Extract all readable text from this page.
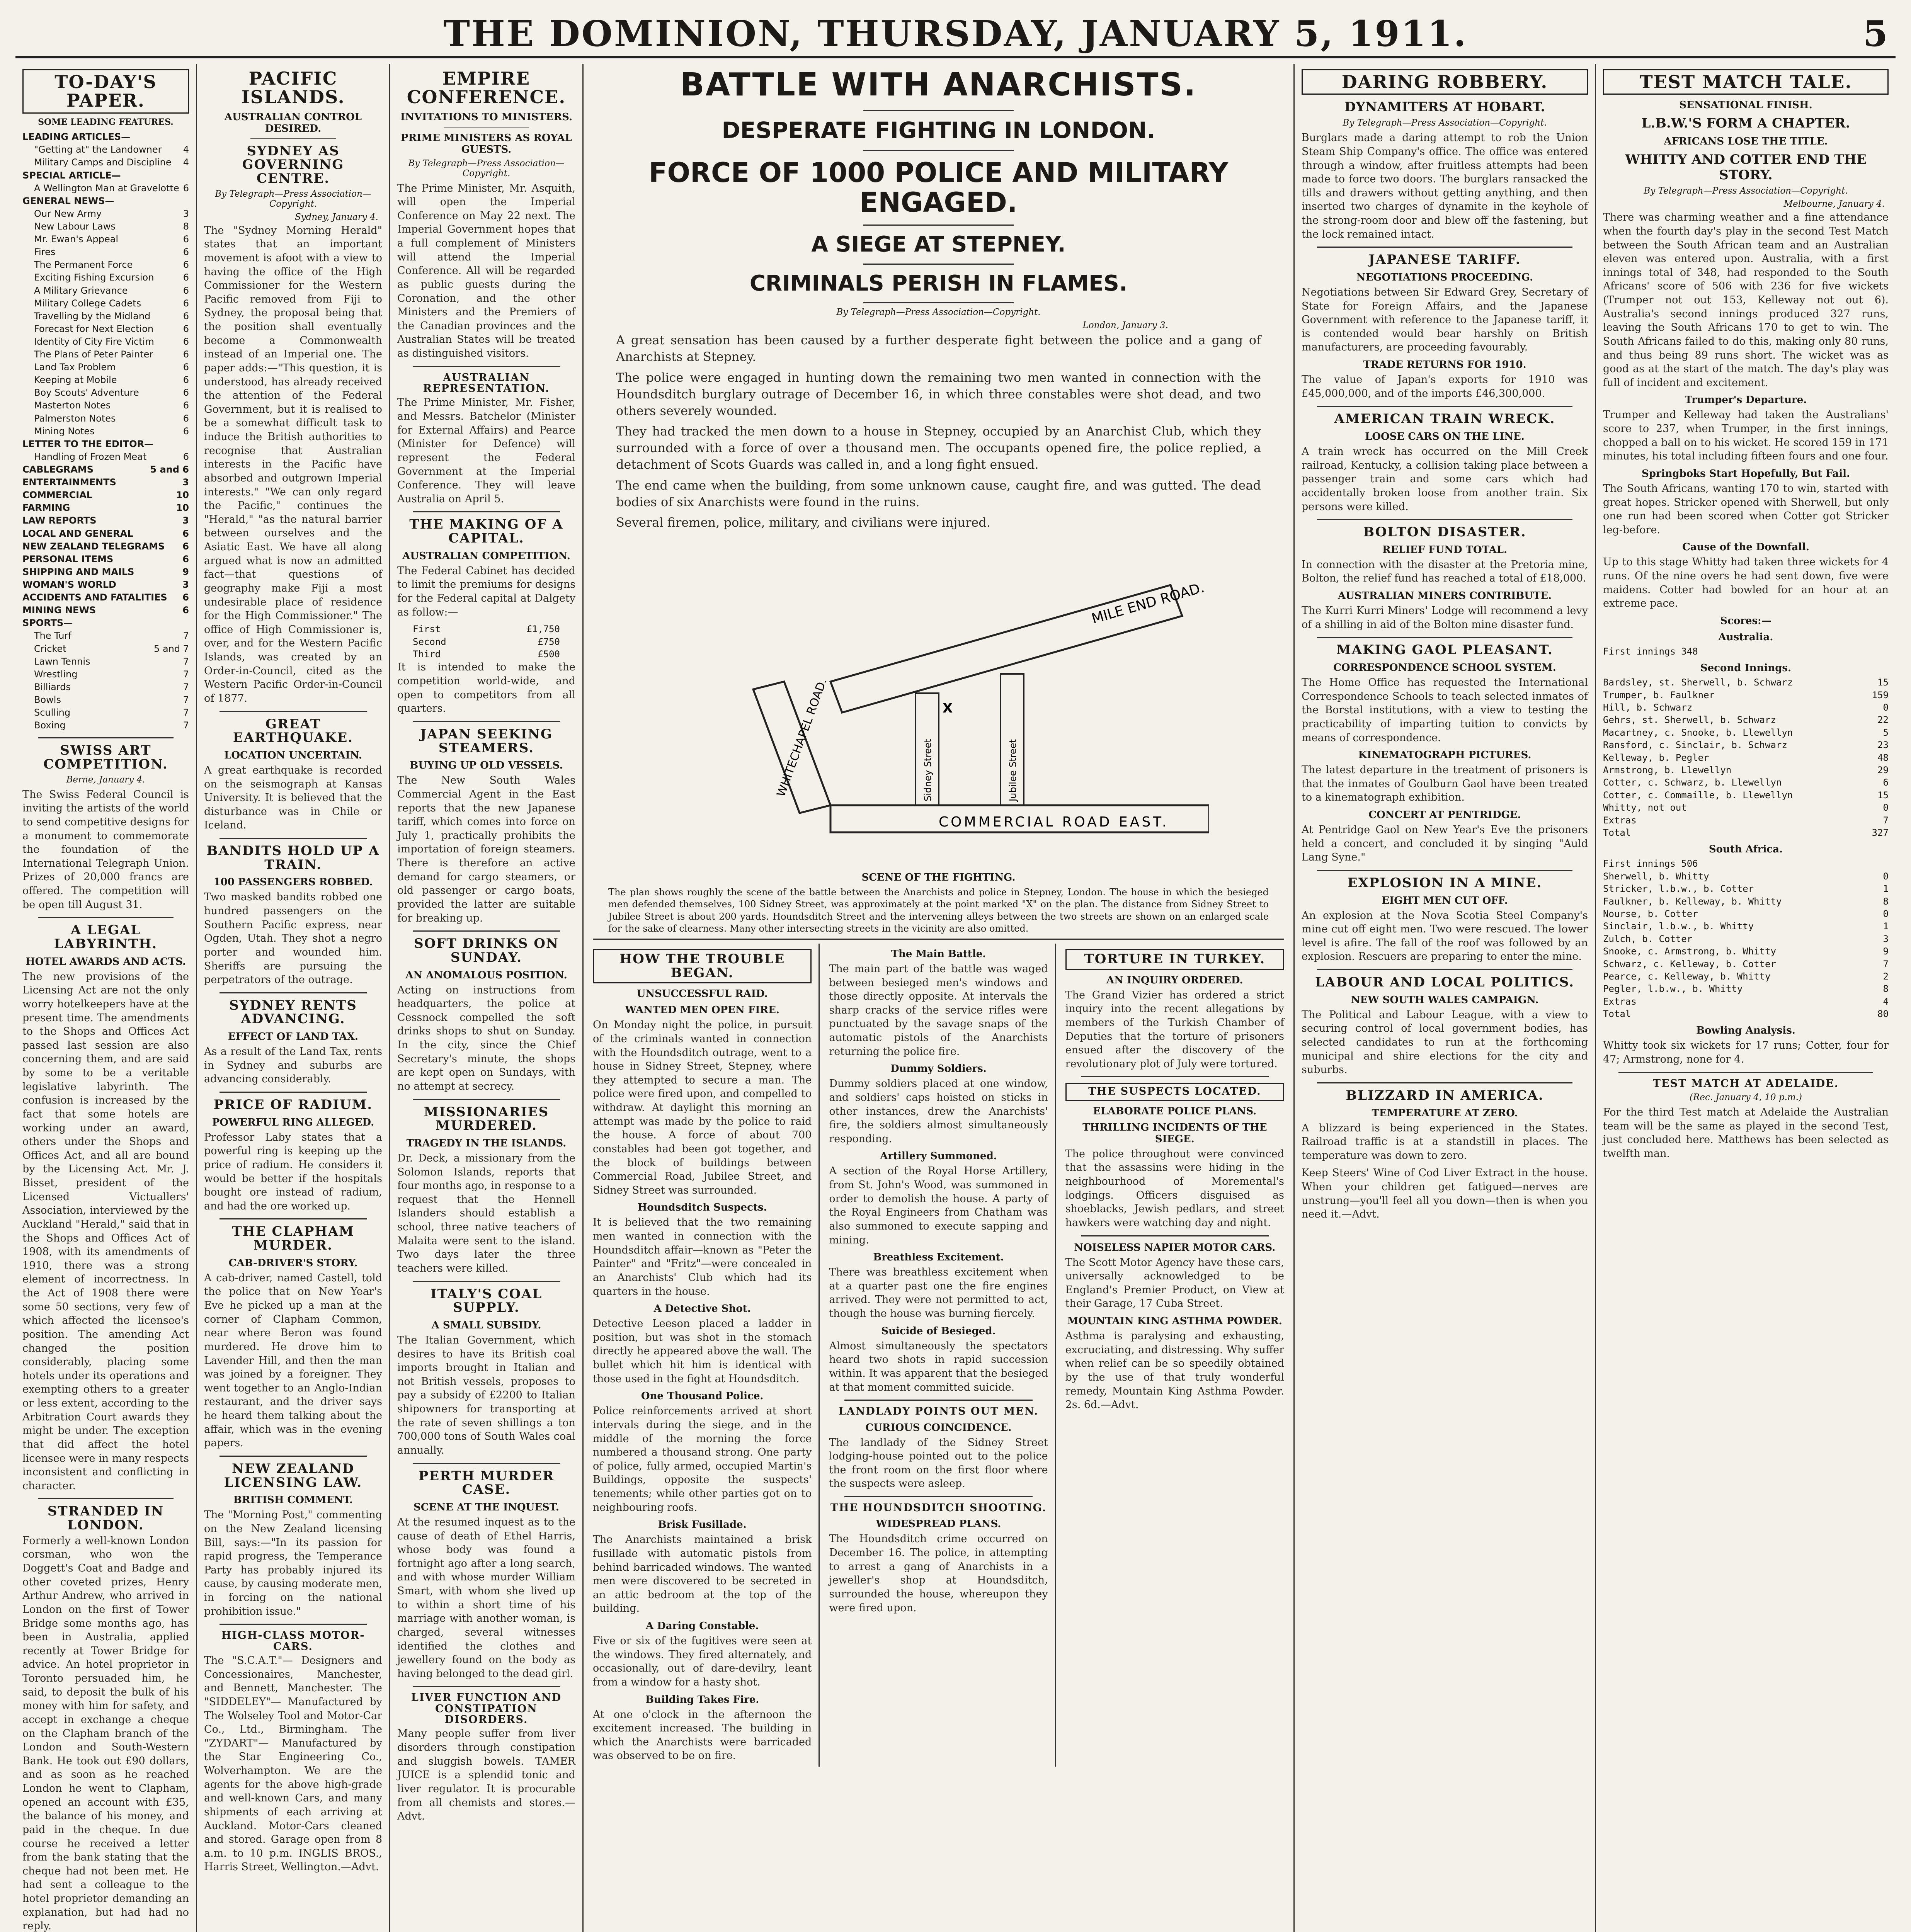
THE DOMINION, THURSDAY, JANUARY 5, 1911.	5
TO-DAY'S PAPER.
SOME LEADING FEATURES.
LEADING ARTICLES—
"Getting at" the Landowner 4
Military Camps and Discipline 4
SPECIAL ARTICLE—
A Wellington Man at Gravelotte 6
GENERAL NEWS—
Our New Army	3
New Labour Laws	8
Mr. Ewan's Appeal	6
Fires	6
The Permanent Force	6
Exciting Fishing Excursion	6
A Military Grievance	6
Military College Cadets	6
Travelling by the Midland	6
Forecast for Next Election	6
Identity of City Fire Victim	6
The Plans of Peter Painter	6
Land Tax Problem	6
Keeping at Mobile	6
Boy Scouts' Adventure	6
Masterton Notes	6
Palmerston Notes	6
Mining Notes	6
LETTER TO THE EDITOR—
Handling of Frozen Meat	6
CABLEGRAMS	5 and 6
ENTERTAINMENTS	3
COMMERCIAL	10
FARMING	10
LAW REPORTS	3
LOCAL AND GENERAL	6
NEW ZEALAND TELEGRAMS 6
PERSONAL ITEMS	6
SHIPPING AND MAILS	9
WOMAN'S WORLD	3
ACCIDENTS AND FATALITIES 6
MINING NEWS	6
SPORTS—
The Turf	7
Cricket	5 and 7
Lawn Tennis	7
Wrestling	7
Billiards	7
Bowls	7
Sculling	7
Boxing	7
SWISS ART COMPETITION.
Berne, January 4.
The Swiss Federal Council is inviting the artists of the world to send competitive designs for a monument to commemorate the foundation of the International Telegraph Union. Prizes of 20,000 francs are offered. The competition will be open till August 31.
A LEGAL LABYRINTH.
HOTEL AWARDS AND ACTS.
The new provisions of the Licensing Act are not the only worry hotelkeepers have at the present time. The amendments to the Shops and Offices Act passed last session are also concerning them, and are said by some to be a veritable legislative labyrinth. The confusion is increased by the fact that some hotels are working under an award, others under the Shops and Offices Act, and all are bound by the Licensing Act. Mr. J. Bisset, president of the Licensed Victuallers' Association, interviewed by the Auckland "Herald," said that in the Shops and Offices Act of 1908, with its amendments of 1910, there was a strong element of incorrectness. In the Act of 1908 there were some 50 sections, very few of which affected the licensee's position. The amending Act changed the position considerably, placing some hotels under its operations and exempting others to a greater or less extent, according to the Arbitration Court awards they might be under. The exception that did affect the hotel licensee were in many respects inconsistent and conflicting in character.
STRANDED IN LONDON.
Formerly a well-known London corsman, who won the Doggett's Coat and Badge and other coveted prizes, Henry Arthur Andrew, who arrived in London on the first of Tower Bridge some months ago, has been in Australia, applied recently at Tower Bridge for advice. An hotel proprietor in Toronto persuaded him, he said, to deposit the bulk of his money with him for safety, and accept in exchange a cheque on the Clapham branch of the London and South-Western Bank. He took out £90 dollars, and as soon as he reached London he went to Clapham, opened an account with £35, the balance of his money, and paid in the cheque. In due course he received a letter from the bank stating that the cheque had not been met. He had sent a colleague to the hotel proprietor demanding an explanation, but had had no reply.
PACIFIC ISLANDS.
AUSTRALIAN CONTROL DESIRED.
SYDNEY AS GOVERNING CENTRE.
By Telegraph—Press Association—Copyright.
Sydney, January 4.
The "Sydney Morning Herald" states that an important movement is afoot with a view to having the office of the High Commissioner for the Western Pacific removed from Fiji to Sydney, the proposal being that the position shall eventually become a Commonwealth instead of an Imperial one. The paper adds:—"This question, it is understood, has already received the attention of the Federal Government, but it is realised to be a somewhat difficult task to induce the British authorities to recognise that Australian interests in the Pacific have absorbed and outgrown Imperial interests." "We can only regard the Pacific," continues the "Herald," "as the natural barrier between ourselves and the Asiatic East. We have all along argued what is now an admitted fact—that questions of geography make Fiji a most undesirable place of residence for the High Commissioner." The office of High Commissioner is, over, and for the Western Pacific Islands, was created by an Order-in-Council, cited as the Western Pacific Order-in-Council of 1877.
GREAT EARTHQUAKE.
LOCATION UNCERTAIN.
A great earthquake is recorded on the seismograph at Kansas University. It is believed that the disturbance was in Chile or Iceland.
BANDITS HOLD UP A TRAIN.
100 PASSENGERS ROBBED.
Two masked bandits robbed one hundred passengers on the Southern Pacific express, near Ogden, Utah. They shot a negro porter and wounded him. Sheriffs are pursuing the perpetrators of the outrage.
SYDNEY RENTS ADVANCING.
EFFECT OF LAND TAX.
As a result of the Land Tax, rents in Sydney and suburbs are advancing considerably.
PRICE OF RADIUM.
POWERFUL RING ALLEGED.
Professor Laby states that a powerful ring is keeping up the price of radium. He considers it would be better if the hospitals bought ore instead of radium, and had the ore worked up.
THE CLAPHAM MURDER.
CAB-DRIVER'S STORY.
A cab-driver, named Castell, told the police that on New Year's Eve he picked up a man at the corner of Clapham Common, near where Beron was found murdered. He drove him to Lavender Hill, and then the man was joined by a foreigner. They went together to an Anglo-Indian restaurant, and the driver says he heard them talking about the affair, which was in the evening papers.
NEW ZEALAND LICENSING LAW.
BRITISH COMMENT.
The "Morning Post," commenting on the New Zealand licensing Bill, says:—"In its passion for rapid progress, the Temperance Party has probably injured its cause, by causing moderate men, in forcing on the national prohibition issue."
HIGH-CLASS MOTOR-CARS.
The "S.C.A.T."— Designers and Concessionaires, Manchester, and Bennett, Manchester. The "SIDDELEY"— Manufactured by The Wolseley Tool and Motor-Car Co., Ltd., Birmingham. The "ZYDART"— Manufactured by the Star Engineering Co., Wolverhampton. We are the agents for the above high-grade and well-known Cars, and many shipments of each arriving at Auckland. Motor-Cars cleaned and stored. Garage open from 8 a.m. to 10 p.m. INGLIS BROS., Harris Street, Wellington.—Advt.
EMPIRE CONFERENCE.
INVITATIONS TO MINISTERS.
PRIME MINISTERS AS ROYAL GUESTS.
By Telegraph—Press Association—Copyright.
The Prime Minister, Mr. Asquith, will open the Imperial Conference on May 22 next. The Imperial Government hopes that a full complement of Ministers will attend the Imperial Conference. All will be regarded as public guests during the Coronation, and the other Ministers and the Premiers of the Canadian provinces and the Australian States will be treated as distinguished visitors.
AUSTRALIAN REPRESENTATION.
The Prime Minister, Mr. Fisher, and Messrs. Batchelor (Minister for External Affairs) and Pearce (Minister for Defence) will represent the Federal Government at the Imperial Conference. They will leave Australia on April 5.
THE MAKING OF A CAPITAL.
AUSTRALIAN COMPETITION.
The Federal Cabinet has decided to limit the premiums for designs for the Federal capital at Dalgety as follow:—
First	£1,750
Second	£750
Third	£500
It is intended to make the competition world-wide, and open to competitors from all quarters.
JAPAN SEEKING STEAMERS.
BUYING UP OLD VESSELS.
The New South Wales Commercial Agent in the East reports that the new Japanese tariff, which comes into force on July 1, practically prohibits the importation of foreign steamers. There is therefore an active demand for cargo steamers, or old passenger or cargo boats, provided the latter are suitable for breaking up.
SOFT DRINKS ON SUNDAY.
AN ANOMALOUS POSITION.
Acting on instructions from headquarters, the police at Cessnock compelled the soft drinks shops to shut on Sunday. In the city, since the Chief Secretary's minute, the shops are kept open on Sundays, with no attempt at secrecy.
MISSIONARIES MURDERED.
TRAGEDY IN THE ISLANDS.
Dr. Deck, a missionary from the Solomon Islands, reports that four months ago, in response to a request that the Hennell Islanders should establish a school, three native teachers of Malaita were sent to the island. Two days later the three teachers were killed.
ITALY'S COAL SUPPLY.
A SMALL SUBSIDY.
The Italian Government, which desires to have its British coal imports brought in Italian and not British vessels, proposes to pay a subsidy of £2200 to Italian shipowners for transporting at the rate of seven shillings a ton 700,000 tons of South Wales coal annually.
PERTH MURDER CASE.
SCENE AT THE INQUEST.
At the resumed inquest as to the cause of death of Ethel Harris, whose body was found a fortnight ago after a long search, and with whose murder William Smart, with whom she lived up to within a short time of his marriage with another woman, is charged, several witnesses identified the clothes and jewellery found on the body as having belonged to the dead girl.
LIVER FUNCTION AND CONSTIPATION DISORDERS.
Many people suffer from liver disorders through constipation and sluggish bowels. TAMER JUICE is a splendid tonic and liver regulator. It is procurable from all chemists and stores.—Advt.
BATTLE WITH ANARCHISTS.
DESPERATE FIGHTING IN LONDON.
FORCE OF 1000 POLICE AND MILITARY ENGAGED.
A SIEGE AT STEPNEY.
CRIMINALS PERISH IN FLAMES.
By Telegraph—Press Association—Copyright.
London, January 3.

A great sensation has been caused by a further desperate fight between the police and a gang of Anarchists at Stepney.

The police were engaged in hunting down the remaining two men wanted in connection with the Houndsditch burglary outrage of December 16, in which three constables were shot dead, and two others severely wounded.

They had tracked the men down to a house in Stepney, occupied by an Anarchist Club, which they surrounded with a force of over a thousand men. The occupants opened fire, the police replied, a detachment of Scots Guards was called in, and a long fight ensued.

The end came when the building, from some unknown cause, caught fire, and was gutted. The dead bodies of six Anarchists were found in the ruins.

Several firemen, police, military, and civilians were injured.

MILE END ROAD.
WHITECHAPEL ROAD.
COMMERCIAL ROAD EAST.
Sidney Street	Jubilee Street
X
SCENE OF THE FIGHTING.
The plan shows roughly the scene of the battle between the Anarchists and police in Stepney, London. The house in which the besieged men defended themselves, 100 Sidney Street, was approximately at the point marked "X" on the plan. The distance from Sidney Street to Jubilee Street is about 200 yards. Houndsditch Street and the intervening alleys between the two streets are shown on an enlarged scale for the sake of clearness. Many other intersecting streets in the vicinity are also omitted.
HOW THE TROUBLE BEGAN.
UNSUCCESSFUL RAID.
WANTED MEN OPEN FIRE.
On Monday night the police, in pursuit of the criminals wanted in connection with the Houndsditch outrage, went to a house in Sidney Street, Stepney, where they attempted to secure a man. The police were fired upon, and compelled to withdraw. At daylight this morning an attempt was made by the police to raid the house. A force of about 700 constables had been got together, and the block of buildings between Commercial Road, Jubilee Street, and Sidney Street was surrounded.
Houndsditch Suspects.
It is believed that the two remaining men wanted in connection with the Houndsditch affair—known as "Peter the Painter" and "Fritz"—were concealed in an Anarchists' Club which had its quarters in the house.
A Detective Shot.
Detective Leeson placed a ladder in position, but was shot in the stomach directly he appeared above the wall. The bullet which hit him is identical with those used in the fight at Houndsditch.
One Thousand Police.
Police reinforcements arrived at short intervals during the siege, and in the middle of the morning the force numbered a thousand strong. One party of police, fully armed, occupied Martin's Buildings, opposite the suspects' tenements; while other parties got on to neighbouring roofs.
Brisk Fusillade.
The Anarchists maintained a brisk fusillade with automatic pistols from behind barricaded windows. The wanted men were discovered to be secreted in an attic bedroom at the top of the building.
A Daring Constable.
Five or six of the fugitives were seen at the windows. They fired alternately, and occasionally, out of dare-devilry, leant from a window for a hasty shot.
Building Takes Fire.
At one o'clock in the afternoon the excitement increased. The building in which the Anarchists were barricaded was observed to be on fire.
The Main Battle.
The main part of the battle was waged between besieged men's windows and those directly opposite. At intervals the sharp cracks of the service rifles were punctuated by the savage snaps of the automatic pistols of the Anarchists returning the police fire.
Dummy Soldiers.
Dummy soldiers placed at one window, and soldiers' caps hoisted on sticks in other instances, drew the Anarchists' fire, the soldiers almost simultaneously responding.
Artillery Summoned.
A section of the Royal Horse Artillery, from St. John's Wood, was summoned in order to demolish the house. A party of the Royal Engineers from Chatham was also summoned to execute sapping and mining.
Breathless Excitement.
There was breathless excitement when at a quarter past one the fire engines arrived. They were not permitted to act, though the house was burning fiercely.
Suicide of Besieged.
Almost simultaneously the spectators heard two shots in rapid succession within. It was apparent that the besieged at that moment committed suicide.
LANDLADY POINTS OUT MEN.
CURIOUS COINCIDENCE.
The landlady of the Sidney Street lodging-house pointed out to the police the front room on the first floor where the suspects were asleep.
THE HOUNDSDITCH SHOOTING.
WIDESPREAD PLANS.
The Houndsditch crime occurred on December 16. The police, in attempting to arrest a gang of Anarchists in a jeweller's shop at Houndsditch, surrounded the house, whereupon they were fired upon.
TORTURE IN TURKEY.
AN INQUIRY ORDERED.
The Grand Vizier has ordered a strict inquiry into the recent allegations by members of the Turkish Chamber of Deputies that the torture of prisoners ensued after the discovery of the revolutionary plot of July were tortured.
THE SUSPECTS LOCATED.
ELABORATE POLICE PLANS.
THRILLING INCIDENTS OF THE SIEGE.
The police throughout were convinced that the assassins were hiding in the neighbourhood of Moremental's lodgings. Officers disguised as shoeblacks, Jewish pedlars, and street hawkers were watching day and night.
NOISELESS NAPIER MOTOR CARS.
The Scott Motor Agency have these cars, universally acknowledged to be England's Premier Product, on View at their Garage, 17 Cuba Street.
MOUNTAIN KING ASTHMA POWDER.
Asthma is paralysing and exhausting, excruciating, and distressing. Why suffer when relief can be so speedily obtained by the use of that truly wonderful remedy, Mountain King Asthma Powder. 2s. 6d.—Advt.
DARING ROBBERY.
DYNAMITERS AT HOBART.
By Telegraph—Press Association—Copyright.
Burglars made a daring attempt to rob the Union Steam Ship Company's office. The office was entered through a window, after fruitless attempts had been made to force two doors. The burglars ransacked the tills and drawers without getting anything, and then inserted two charges of dynamite in the keyhole of the strong-room door and blew off the fastening, but the lock remained intact.
JAPANESE TARIFF.
NEGOTIATIONS PROCEEDING.
Negotiations between Sir Edward Grey, Secretary of State for Foreign Affairs, and the Japanese Government with reference to the Japanese tariff, it is contended would bear harshly on British manufacturers, are proceeding favourably.
TRADE RETURNS FOR 1910.
The value of Japan's exports for 1910 was £45,000,000, and of the imports £46,300,000.
AMERICAN TRAIN WRECK.
LOOSE CARS ON THE LINE.
A train wreck has occurred on the Mill Creek railroad, Kentucky, a collision taking place between a passenger train and some cars which had accidentally broken loose from another train. Six persons were killed.
BOLTON DISASTER.
RELIEF FUND TOTAL.
In connection with the disaster at the Pretoria mine, Bolton, the relief fund has reached a total of £18,000.
AUSTRALIAN MINERS CONTRIBUTE.
The Kurri Kurri Miners' Lodge will recommend a levy of a shilling in aid of the Bolton mine disaster fund.
MAKING GAOL PLEASANT.
CORRESPONDENCE SCHOOL SYSTEM.
The Home Office has requested the International Correspondence Schools to teach selected inmates of the Borstal institutions, with a view to testing the practicability of imparting tuition to convicts by means of correspondence.
KINEMATOGRAPH PICTURES.
The latest departure in the treatment of prisoners is that the inmates of Goulburn Gaol have been treated to a kinematograph exhibition.
CONCERT AT PENTRIDGE.
At Pentridge Gaol on New Year's Eve the prisoners held a concert, and concluded it by singing "Auld Lang Syne."
EXPLOSION IN A MINE.
EIGHT MEN CUT OFF.
An explosion at the Nova Scotia Steel Company's mine cut off eight men. Two were rescued. The lower level is afire. The fall of the roof was followed by an explosion. Rescuers are preparing to enter the mine.
LABOUR AND LOCAL POLITICS.
NEW SOUTH WALES CAMPAIGN.
The Political and Labour League, with a view to securing control of local government bodies, has selected candidates to run at the forthcoming municipal and shire elections for the city and suburbs.
BLIZZARD IN AMERICA.
TEMPERATURE AT ZERO.
A blizzard is being experienced in the States. Railroad traffic is at a standstill in places. The temperature was down to zero.
Keep Steers' Wine of Cod Liver Extract in the house. When your children get fatigued—nerves are unstrung—you'll feel all you down—then is when you need it.—Advt.
TEST MATCH TALE.
SENSATIONAL FINISH.
L.B.W.'S FORM A CHAPTER.
AFRICANS LOSE THE TITLE.
WHITTY AND COTTER END THE STORY.
By Telegraph—Press Association—Copyright.
Melbourne, January 4.
There was charming weather and a fine attendance when the fourth day's play in the second Test Match between the South African team and an Australian eleven was entered upon. Australia, with a first innings total of 348, had responded to the South Africans' score of 506 with 236 for five wickets (Trumper not out 153, Kelleway not out 6). Australia's second innings produced 327 runs, leaving the South Africans 170 to get to win. The South Africans failed to do this, making only 80 runs, and thus being 89 runs short. The wicket was as good as at the start of the match. The day's play was full of incident and excitement.
Trumper's Departure.
Trumper and Kelleway had taken the Australians' score to 237, when Trumper, in the first innings, chopped a ball on to his wicket. He scored 159 in 171 minutes, his total including fifteen fours and one four.
Springboks Start Hopefully, But Fail.
The South Africans, wanting 170 to win, started with great hopes. Stricker opened with Sherwell, but only one run had been scored when Cotter got Stricker leg-before.
Cause of the Downfall.
Up to this stage Whitty had taken three wickets for 4 runs. Of the nine overs he had sent down, five were maidens. Cotter had bowled for an hour at an extreme pace.
Scores:—
Australia.
First innings 348
Second Innings.
Bardsley, st. Sherwell, b. Schwarz	15
Trumper, b. Faulkner	159
Hill, b. Schwarz	0
Gehrs, st. Sherwell, b. Schwarz	22
Macartney, c. Snooke, b. Llewellyn	5
Ransford, c. Sinclair, b. Schwarz	23
Kelleway, b. Pegler	48
Armstrong, b. Llewellyn	29
Cotter, c. Schwarz, b. Llewellyn	6
Cotter, c. Commaille, b. Llewellyn	15
Whitty, not out	0
Extras	7
Total	327
South Africa.
First innings 506
Sherwell, b. Whitty	0
Stricker, l.b.w., b. Cotter	1
Faulkner, b. Kelleway, b. Whitty	8
Nourse, b. Cotter	0
Sinclair, l.b.w., b. Whitty	1
Zulch, b. Cotter	3
Snooke, c. Armstrong, b. Whitty	9
Schwarz, c. Kelleway, b. Cotter	7
Pearce, c. Kelleway, b. Whitty	2
Pegler, l.b.w., b. Whitty	8
Extras	4
Total	80
Bowling Analysis.
Whitty took six wickets for 17 runs; Cotter, four for 47; Armstrong, none for 4.
TEST MATCH AT ADELAIDE.
(Rec. January 4, 10 p.m.)
For the third Test match at Adelaide the Australian team will be the same as played in the second Test, just concluded here. Matthews has been selected as twelfth man.
